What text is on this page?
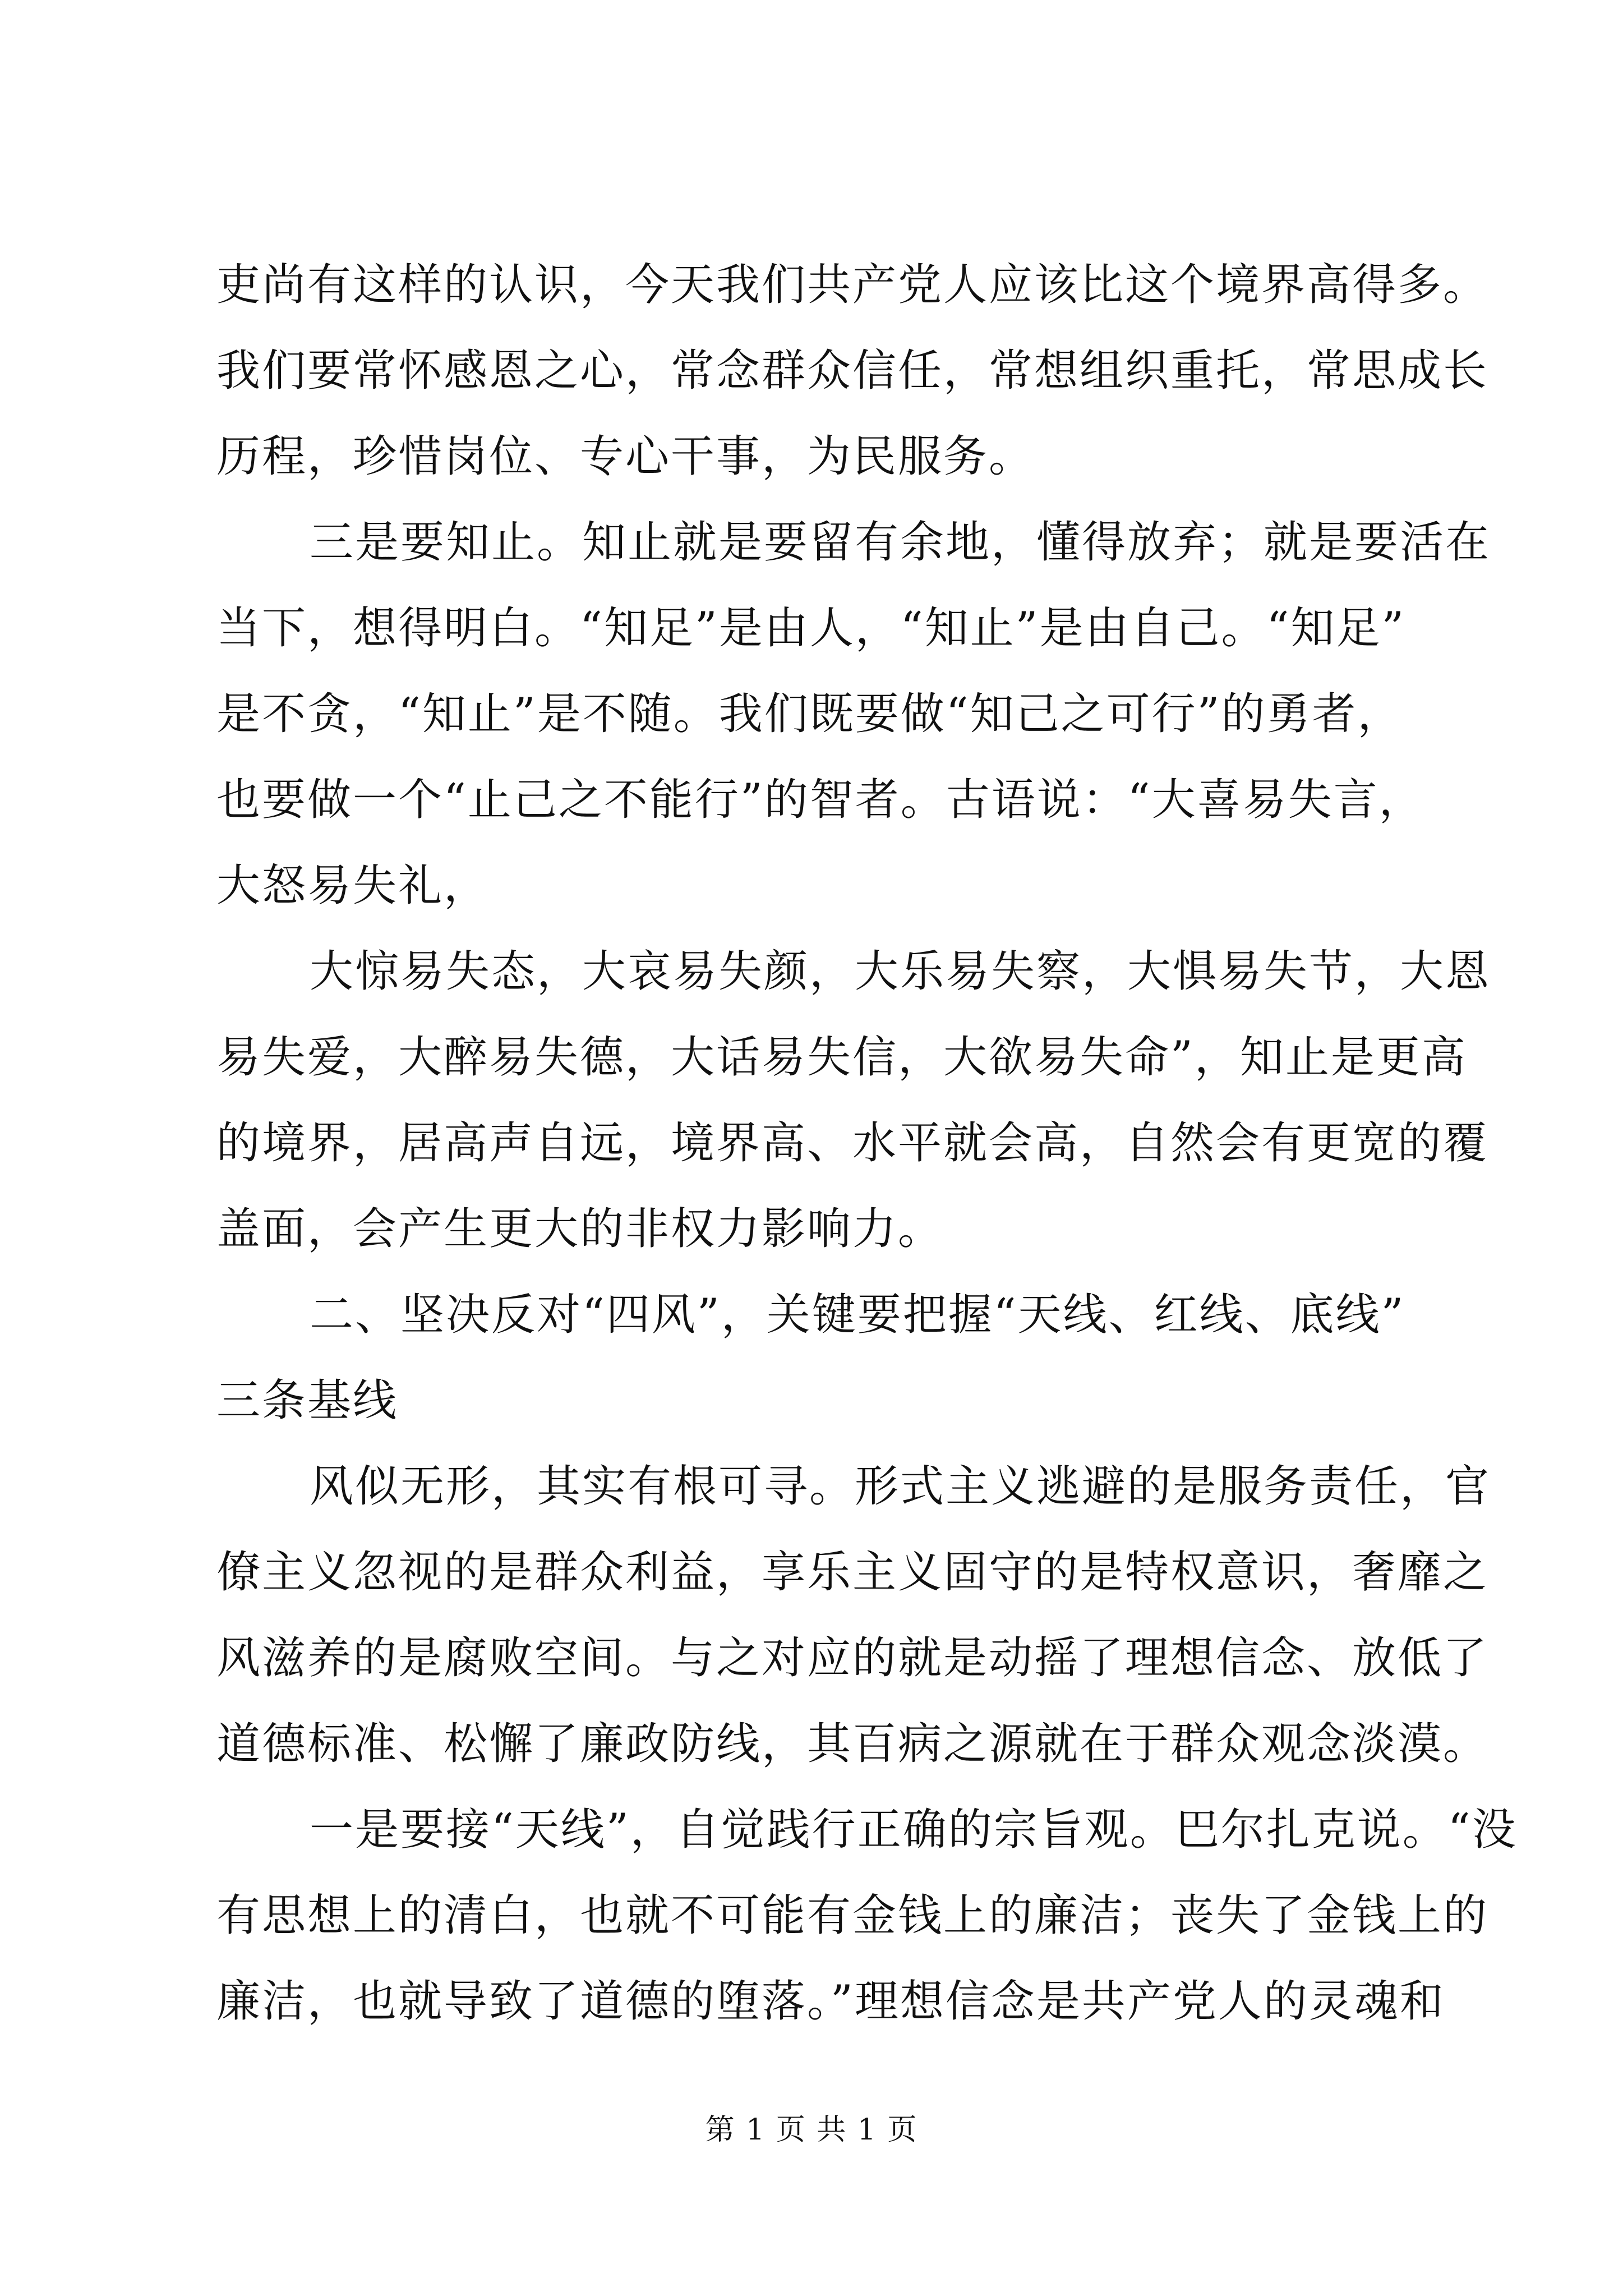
吏尚有这样的认识，今天我们共产党人应该比这个境界高得多。
我们要常怀感恩之心，常念群众信任，常想组织重托，常思成长
历程，珍惜岗位、专心干事，为民服务。
三是要知止。知止就是要留有余地，懂得放弃；就是要活在
当下，想得明白。“知足”是由人，“知止”是由自己。“知足”
是不贪，“知止”是不随。我们既要做“知己之可行”的勇者，
也要做一个“止己之不能行”的智者。古语说：“大喜易失言，
大怒易失礼，
大惊易失态，大哀易失颜，大乐易失察，大惧易失节，大恩
易失爱，大醉易失德，大话易失信，大欲易失命”，知止是更高
的境界，居高声自远，境界高、水平就会高，自然会有更宽的覆
盖面，会产生更大的非权力影响力。
二、坚决反对“四风”，关键要把握“天线、红线、底线”
三条基线
风似无形，其实有根可寻。形式主义逃避的是服务责任，官
僚主义忽视的是群众利益，享乐主义固守的是特权意识，奢靡之
风滋养的是腐败空间。与之对应的就是动摇了理想信念、放低了
道德标准、松懈了廉政防线，其百病之源就在于群众观念淡漠。
一是要接“天线”，自觉践行正确的宗旨观。巴尔扎克说。“没
有思想上的清白，也就不可能有金钱上的廉洁；丧失了金钱上的
廉洁，也就导致了道德的堕落。”理想信念是共产党人的灵魂和
第 1 页 共 1 页
